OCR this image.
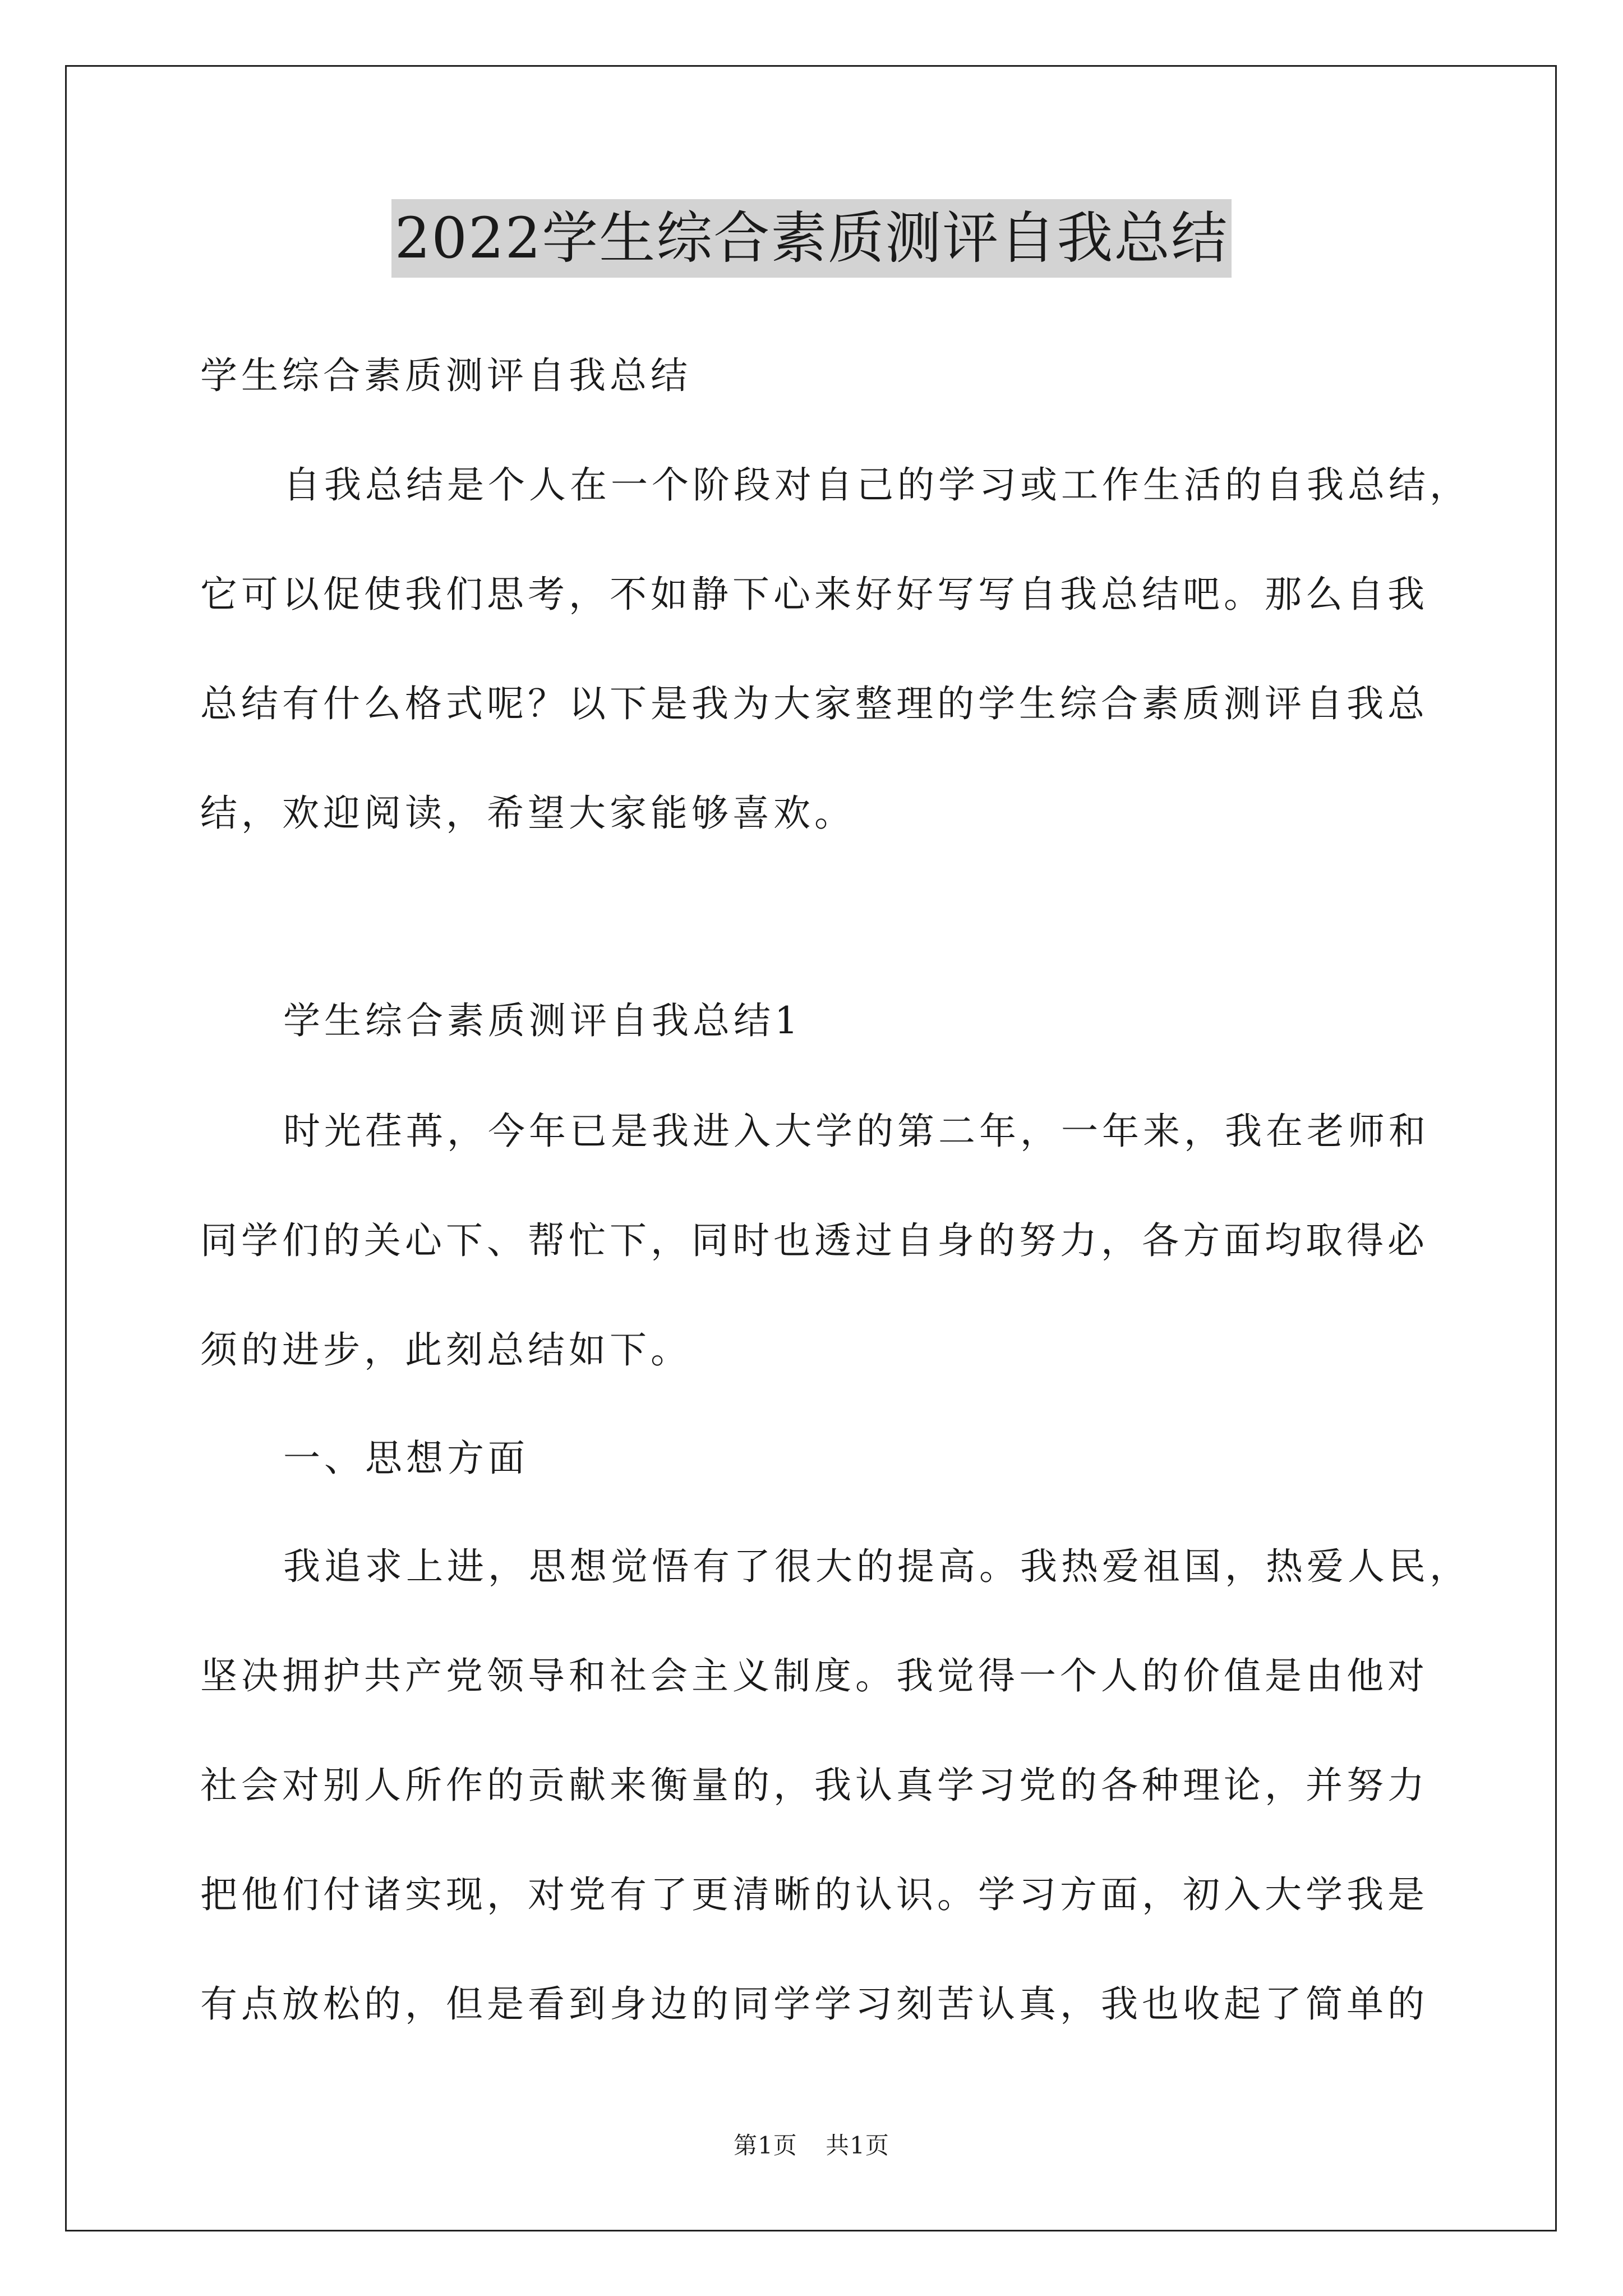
2022学生综合素质测评自我总结
学生综合素质测评自我总结
自我总结是个人在一个阶段对自己的学习或工作生活的自我总结，
它可以促使我们思考，不如静下心来好好写写自我总结吧。那么自我
总结有什么格式呢？以下是我为大家整理的学生综合素质测评自我总
结，欢迎阅读，希望大家能够喜欢。
学生综合素质测评自我总结1
时光荏苒，今年已是我进入大学的第二年，一年来，我在老师和
同学们的关心下、帮忙下，同时也透过自身的努力，各方面均取得必
须的进步，此刻总结如下。
一、思想方面
我追求上进，思想觉悟有了很大的提高。我热爱祖国，热爱人民，
坚决拥护共产党领导和社会主义制度。我觉得一个人的价值是由他对
社会对别人所作的贡献来衡量的，我认真学习党的各种理论，并努力
把他们付诸实现，对党有了更清晰的认识。学习方面，初入大学我是
有点放松的，但是看到身边的同学学习刻苦认真，我也收起了简单的
第1页 共1页
